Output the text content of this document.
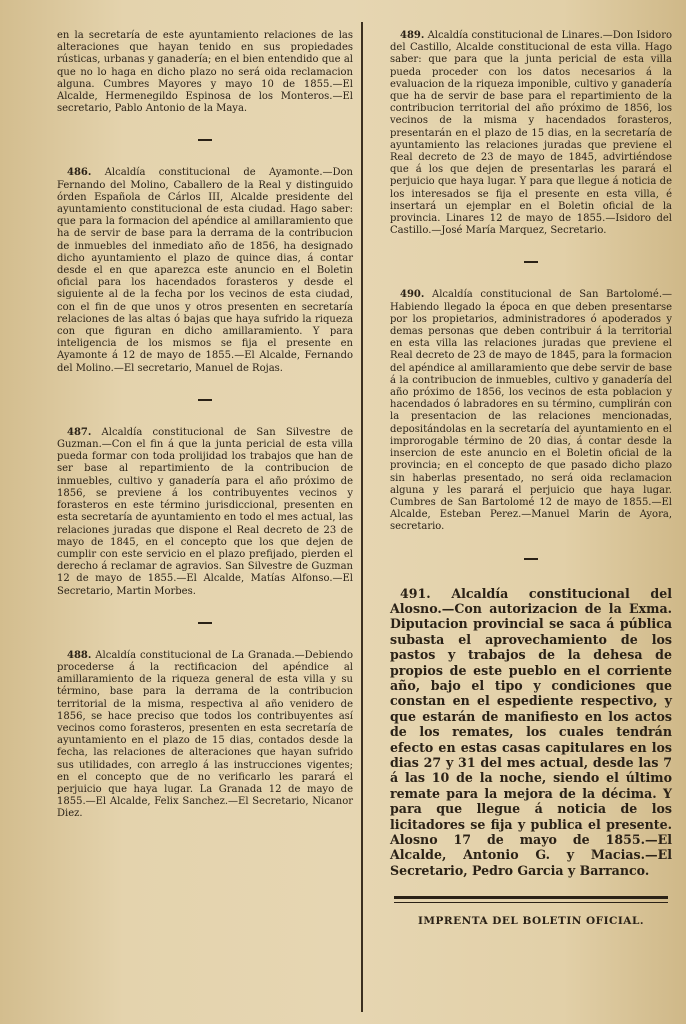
en la secretaría de este ayuntamiento relaciones de las alteraciones que hayan tenido en sus propiedades rústicas, urbanas y ganadería; en el bien entendido que al que no lo haga en dicho plazo no será oida reclamacion alguna. Cumbres Mayores y mayo 10 de 1855.—El Alcalde, Hermenegildo Espinosa de los Monteros.—El secretario, Pablo Antonio de la Maya.

486. Alcaldía constitucional de Ayamonte.—Don Fernando del Molino, Caballero de la Real y distinguido órden Española de Cárlos III, Alcalde presidente del ayuntamiento constitucional de esta ciudad. Hago saber: que para la formacion del apéndice al amillaramiento que ha de servir de base para la derrama de la contribucion de inmuebles del inmediato año de 1856, ha designado dicho ayuntamiento el plazo de quince dias, á contar desde el en que aparezca este anuncio en el Boletin oficial para los hacendados forasteros y desde el siguiente al de la fecha por los vecinos de esta ciudad, con el fin de que unos y otros presenten en secretaría relaciones de las altas ó bajas que haya sufrido la riqueza con que figuran en dicho amillaramiento. Y para inteligencia de los mismos se fija el presente en Ayamonte á 12 de mayo de 1855.—El Alcalde, Fernando del Molino.—El secretario, Manuel de Rojas.

487. Alcaldía constitucional de San Silvestre de Guzman.—Con el fin á que la junta pericial de esta villa pueda formar con toda prolijidad los trabajos que han de ser base al repartimiento de la contribucion de inmuebles, cultivo y ganadería para el año próximo de 1856, se previene á los contribuyentes vecinos y forasteros en este término jurisdiccional, presenten en esta secretaría de ayuntamiento en todo el mes actual, las relaciones juradas que dispone el Real decreto de 23 de mayo de 1845, en el concepto que los que dejen de cumplir con este servicio en el plazo prefijado, pierden el derecho á reclamar de agravios. San Silvestre de Guzman 12 de mayo de 1855.—El Alcalde, Matías Alfonso.—El Secretario, Martin Morbes.

488. Alcaldía constitucional de La Granada.—Debiendo procederse á la rectificacion del apéndice al amillaramiento de la riqueza general de esta villa y su término, base para la derrama de la contribucion territorial de la misma, respectiva al año venidero de 1856, se hace preciso que todos los contribuyentes así vecinos como forasteros, presenten en esta secretaría de ayuntamiento en el plazo de 15 dias, contados desde la fecha, las relaciones de alteraciones que hayan sufrido sus utilidades, con arreglo á las instrucciones vigentes; en el concepto que de no verificarlo les parará el perjuicio que haya lugar. La Granada 12 de mayo de 1855.—El Alcalde, Felix Sanchez.—El Secretario, Nicanor Diez.

489. Alcaldía constitucional de Linares.—Don Isidoro del Castillo, Alcalde constitucional de esta villa. Hago saber: que para que la junta pericial de esta villa pueda proceder con los datos necesarios á la evaluacion de la riqueza imponible, cultivo y ganadería que ha de servir de base para el repartimiento de la contribucion territorial del año próximo de 1856, los vecinos de la misma y hacendados forasteros, presentarán en el plazo de 15 dias, en la secretaría de ayuntamiento las relaciones juradas que previene el Real decreto de 23 de mayo de 1845, advirtiéndose que á los que dejen de presentarlas les parará el perjuicio que haya lugar. Y para que llegue á noticia de los interesados se fija el presente en esta villa, é insertará un ejemplar en el Boletin oficial de la provincia. Linares 12 de mayo de 1855.—Isidoro del Castillo.—José María Marquez, Secretario.

490. Alcaldía constitucional de San Bartolomé.—Habiendo llegado la época en que deben presentarse por los propietarios, administradores ó apoderados y demas personas que deben contribuir á la territorial en esta villa las relaciones juradas que previene el Real decreto de 23 de mayo de 1845, para la formacion del apéndice al amillaramiento que debe servir de base á la contribucion de inmuebles, cultivo y ganadería del año próximo de 1856, los vecinos de esta poblacion y hacendados ó labradores en su término, cumplirán con la presentacion de las relaciones mencionadas, depositándolas en la secretaría del ayuntamiento en el improrogable término de 20 dias, á contar desde la insercion de este anuncio en el Boletin oficial de la provincia; en el concepto de que pasado dicho plazo sin haberlas presentado, no será oida reclamacion alguna y les parará el perjuicio que haya lugar. Cumbres de San Bartolomé 12 de mayo de 1855.—El Alcalde, Esteban Perez.—Manuel Marin de Ayora, secretario.

491. Alcaldía constitucional del Alosno.—Con autorizacion de la Exma. Diputacion provincial se saca á pública subasta el aprovechamiento de los pastos y trabajos de la dehesa de propios de este pueblo en el corriente año, bajo el tipo y condiciones que constan en el espediente respectivo, y que estarán de manifiesto en los actos de los remates, los cuales tendrán efecto en estas casas capitulares en los dias 27 y 31 del mes actual, desde las 7 á las 10 de la noche, siendo el último remate para la mejora de la décima. Y para que llegue á noticia de los licitadores se fija y publica el presente. Alosno 17 de mayo de 1855.—El Alcalde, Antonio G. y Macias.—El Secretario, Pedro Garcia y Barranco.

IMPRENTA DEL BOLETIN OFICIAL.
